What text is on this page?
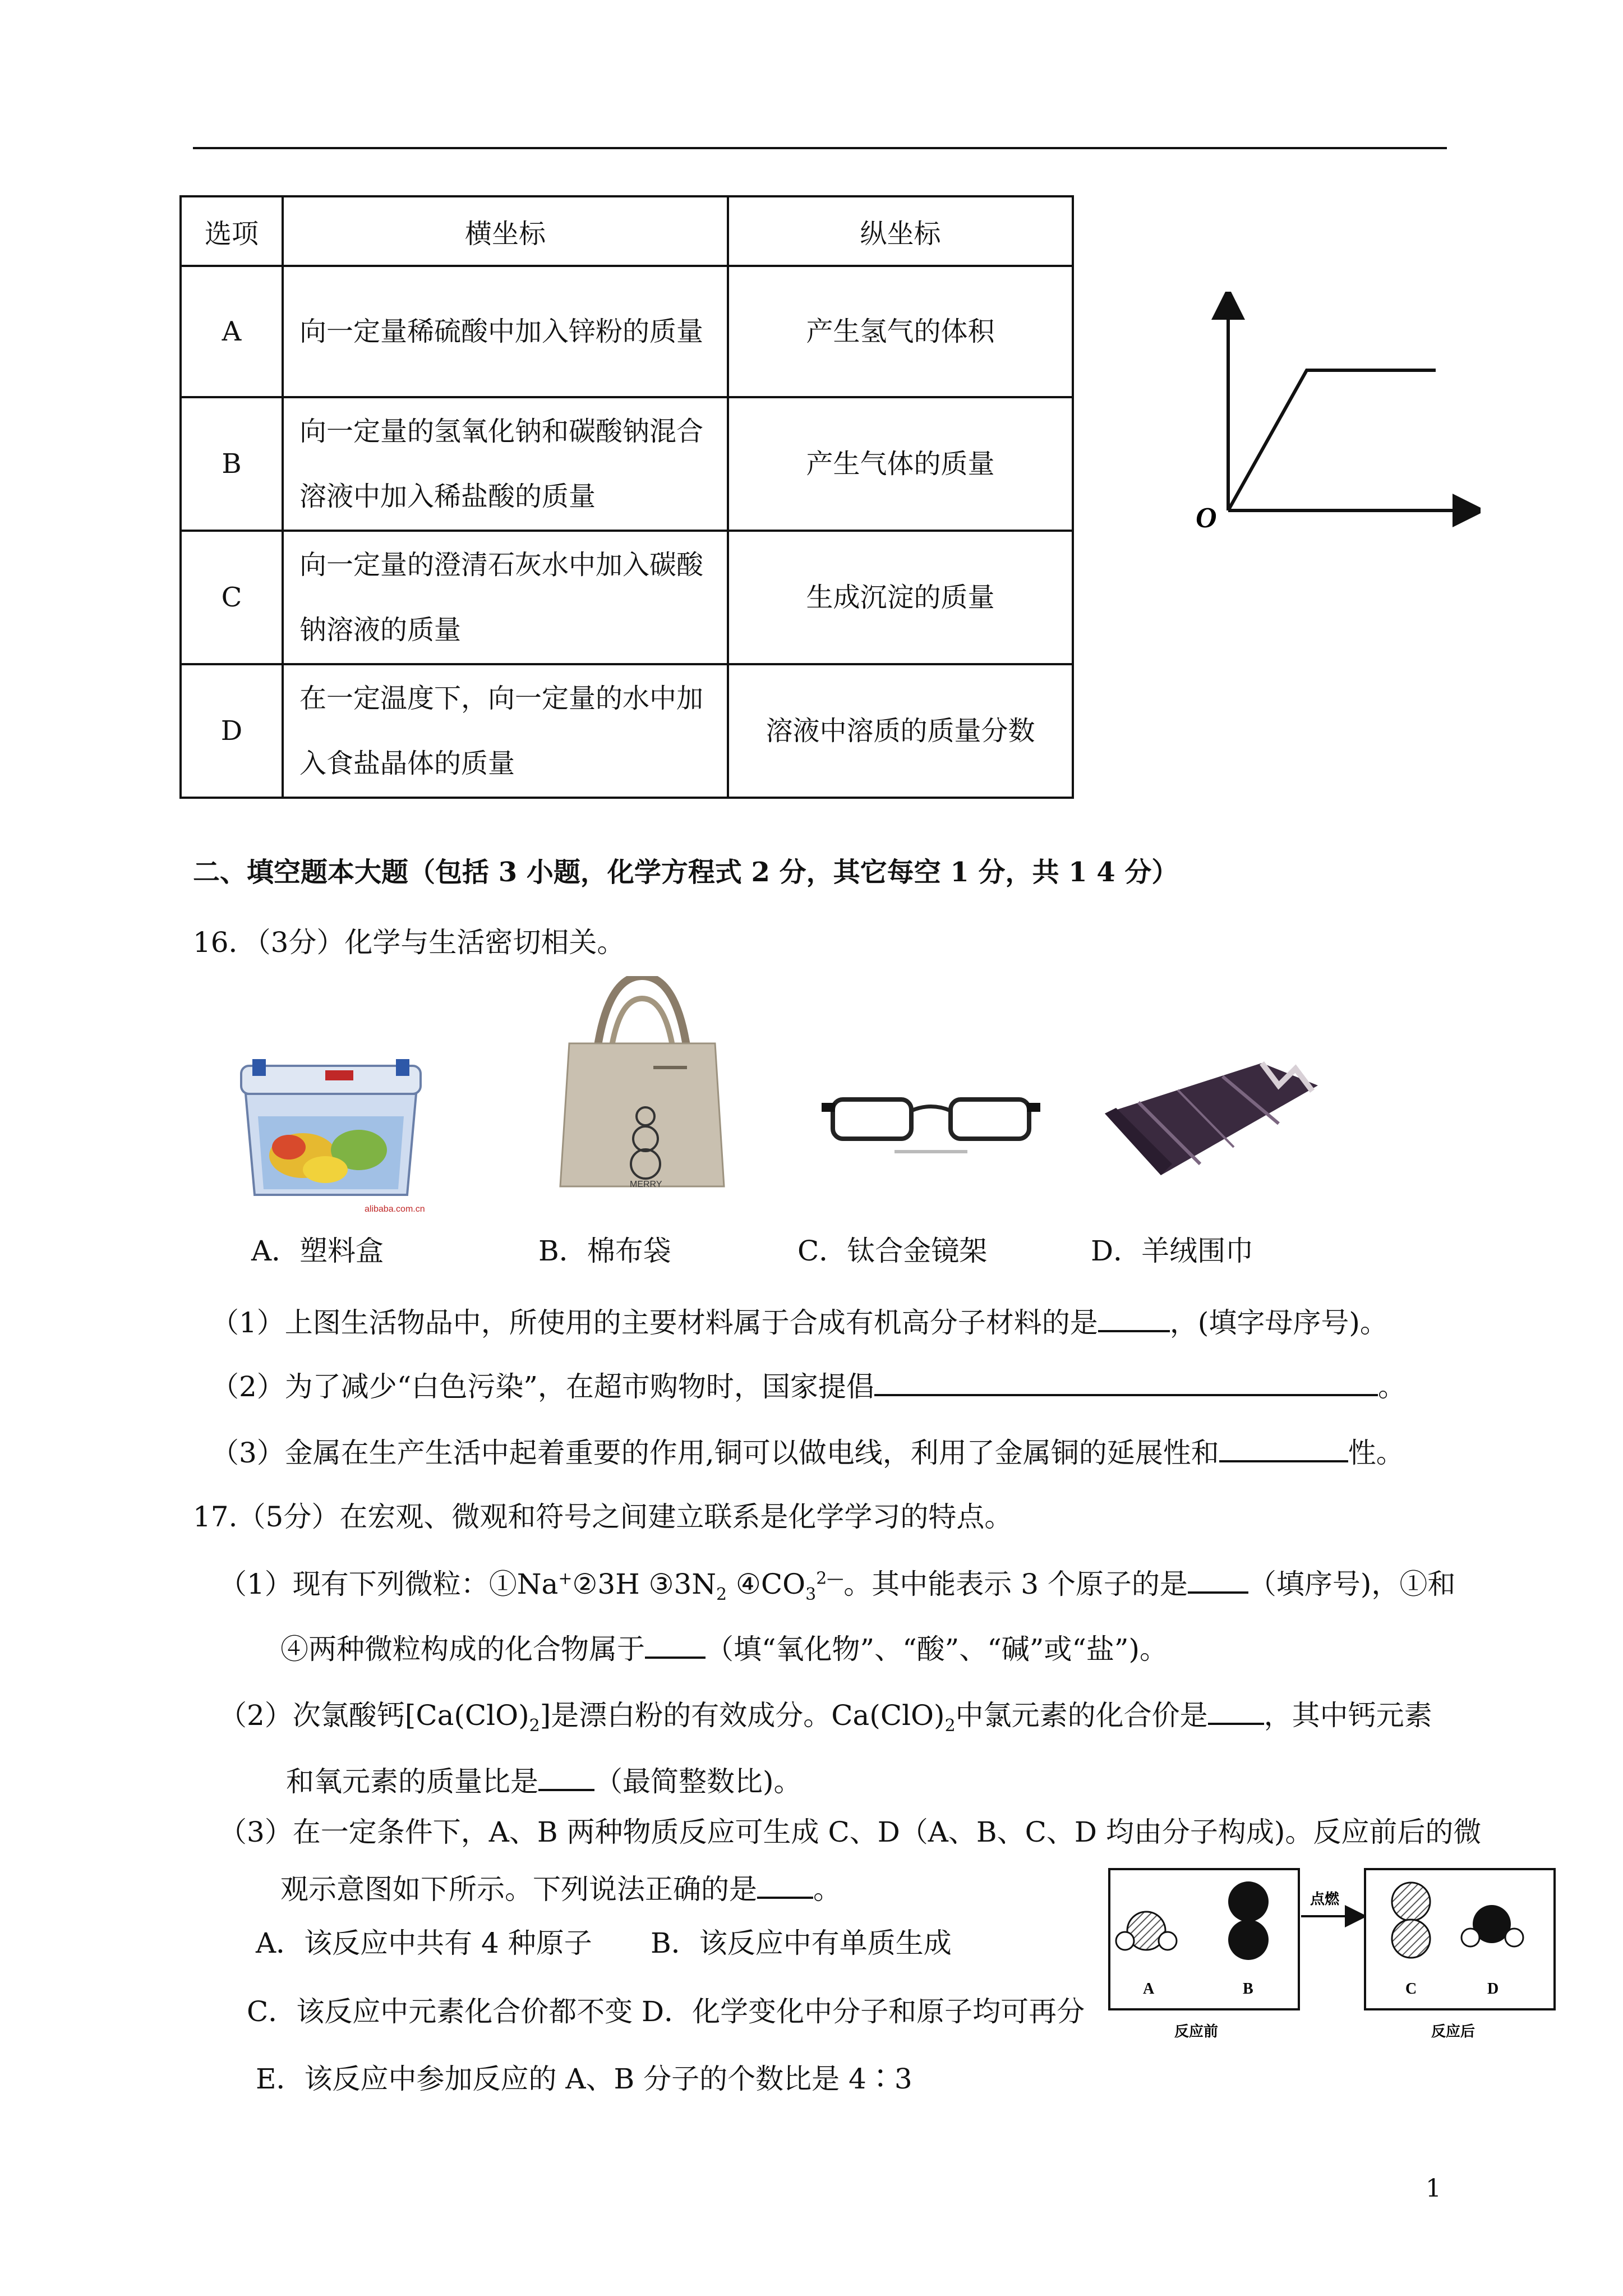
选项	横坐标	纵坐标
A	向一定量稀硫酸中加入锌粉的质量	产生氢气的体积
B	向一定量的氢氧化钠和碳酸钠混合溶液中加入稀盐酸的质量	产生气体的质量
C	向一定量的澄清石灰水中加入碳酸钠溶液的质量	生成沉淀的质量
D	在一定温度下，向一定量的水中加入食盐晶体的质量	溶液中溶质的质量分数
O
二、填空题本大题（包括 3 小题，化学方程式 2 分，其它每空 1 分，共 1 4 分）
16．（3分）化学与生活密切相关。
alibaba.com.cn
A．塑料盒
MERRY
B．棉布袋	C．钛合金镜架	D．羊绒围巾
（1）上图生活物品中，所使用的主要材料属于合成有机高分子材料的是	，(填字母序号)。
（2）为了减少“白色污染”，在超市购物时，国家提倡	。
（3）金属在生产生活中起着重要的作用,铜可以做电线，利用了金属铜的延展性和	性。
17.（5分）在宏观、微观和符号之间建立联系是化学学习的特点。
（1）现有下列微粒：①Na+②3H $③3N_2$ $④CO_3^{2—}$。其中能表示 3 个原子的是 （填序号)，①和
④两种微粒构成的化合物属于 （填“氧化物”、“酸”、“碱”或“盐”)。
（2）次氯酸钙$[Ca(ClO)_2]$是漂白粉的有效成分。$Ca(ClO)_2$中氯元素的化合价是 ，其中钙元素
和氧元素的质量比是 （最简整数比)。
（3）在一定条件下，A、B 两种物质反应可生成 C、D（A、B、C、D 均由分子构成)。反应前后的微
观示意图如下所示。下列说法正确的是 。
A．该反应中共有 4 种原子 B．该反应中有单质生成
C．该反应中元素化合价都不变 D．化学变化中分子和原子均可再分
E．该反应中参加反应的 A、B 分子的个数比是 4∶3
A	B
点燃
C	D
反应前	反应后
1
